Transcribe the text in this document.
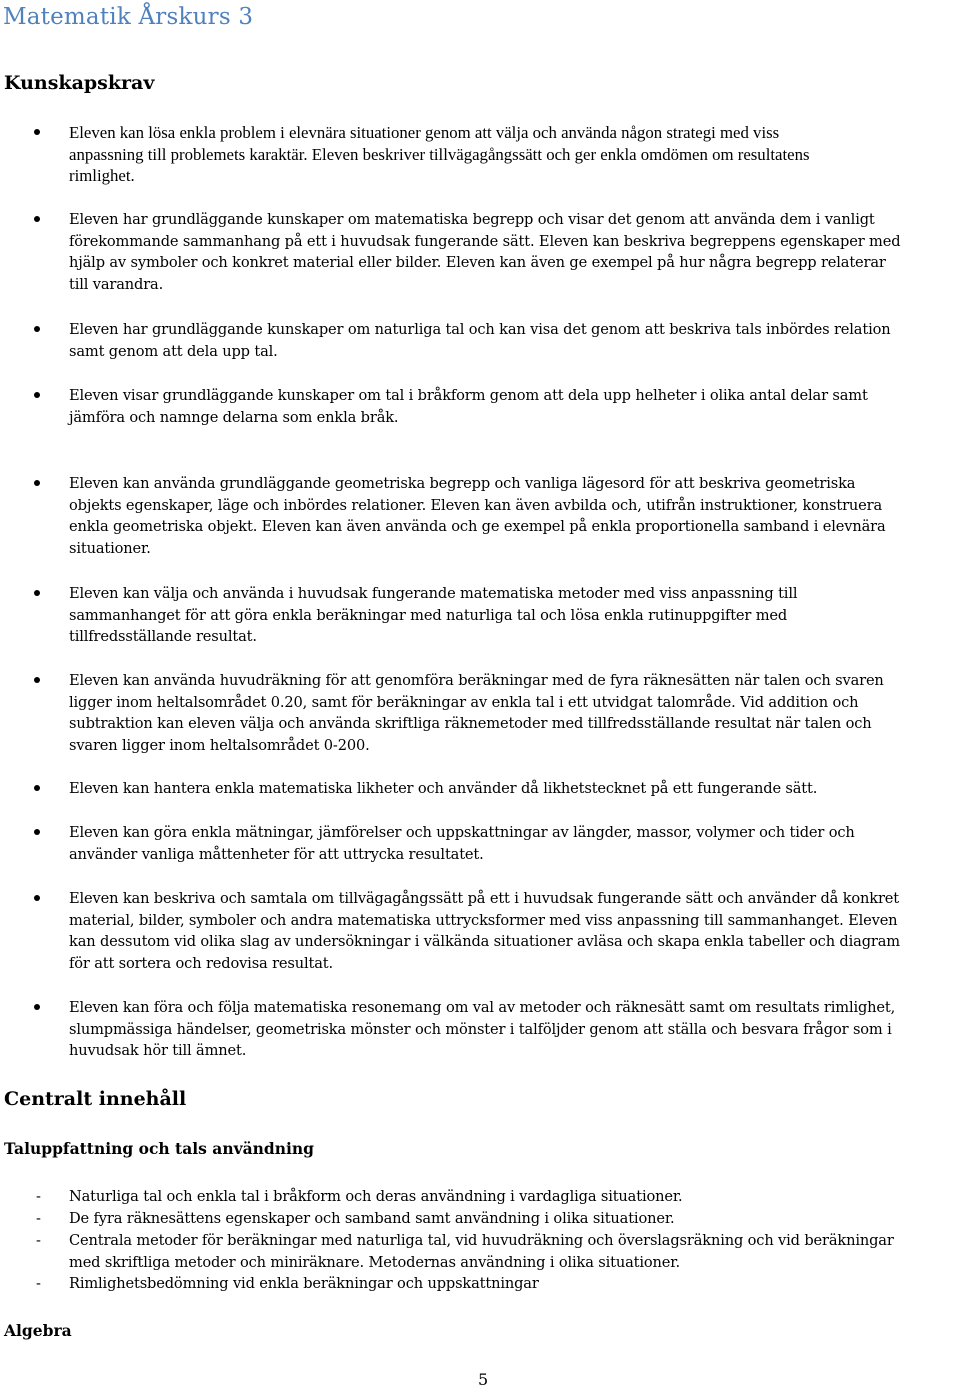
Matematik Årskurs 3
Kunskapskrav
Eleven kan lösa enkla problem i elevnära situationer genom att välja och använda någon strategi med viss
anpassning till problemets karaktär. Eleven beskriver tillvägagångssätt och ger enkla omdömen om resultatens
rimlighet.
Eleven har grundläggande kunskaper om matematiska begrepp och visar det genom att använda dem i vanligt
förekommande sammanhang på ett i huvudsak fungerande sätt. Eleven kan beskriva begreppens egenskaper med
hjälp av symboler och konkret material eller bilder. Eleven kan även ge exempel på hur några begrepp relaterar
till varandra.
Eleven har grundläggande kunskaper om naturliga tal och kan visa det genom att beskriva tals inbördes relation
samt genom att dela upp tal.
Eleven visar grundläggande kunskaper om tal i bråkform genom att dela upp helheter i olika antal delar samt
jämföra och namnge delarna som enkla bråk.
Eleven kan använda grundläggande geometriska begrepp och vanliga lägesord för att beskriva geometriska
objekts egenskaper, läge och inbördes relationer. Eleven kan även avbilda och, utifrån instruktioner, konstruera
enkla geometriska objekt. Eleven kan även använda och ge exempel på enkla proportionella samband i elevnära
situationer.
Eleven kan välja och använda i huvudsak fungerande matematiska metoder med viss anpassning till
sammanhanget för att göra enkla beräkningar med naturliga tal och lösa enkla rutinuppgifter med
tillfredsställande resultat.
Eleven kan använda huvudräkning för att genomföra beräkningar med de fyra räknesätten när talen och svaren
ligger inom heltalsområdet 0.20, samt för beräkningar av enkla tal i ett utvidgat talområde. Vid addition och
subtraktion kan eleven välja och använda skriftliga räknemetoder med tillfredsställande resultat när talen och
svaren ligger inom heltalsområdet 0-200.
Eleven kan hantera enkla matematiska likheter och använder då likhetstecknet på ett fungerande sätt.
Eleven kan göra enkla mätningar, jämförelser och uppskattningar av längder, massor, volymer och tider och
använder vanliga måttenheter för att uttrycka resultatet.
Eleven kan beskriva och samtala om tillvägagångssätt på ett i huvudsak fungerande sätt och använder då konkret
material, bilder, symboler och andra matematiska uttrycksformer med viss anpassning till sammanhanget. Eleven
kan dessutom vid olika slag av undersökningar i välkända situationer avläsa och skapa enkla tabeller och diagram
för att sortera och redovisa resultat.
Eleven kan föra och följa matematiska resonemang om val av metoder och räknesätt samt om resultats rimlighet,
slumpmässiga händelser, geometriska mönster och mönster i talföljder genom att ställa och besvara frågor som i
huvudsak hör till ämnet.
Centralt innehåll
Taluppfattning och tals användning
- Naturliga tal och enkla tal i bråkform och deras användning i vardagliga situationer.
- De fyra räknesättens egenskaper och samband samt användning i olika situationer.
- Centrala metoder för beräkningar med naturliga tal, vid huvudräkning och överslagsräkning och vid beräkningar
med skriftliga metoder och miniräknare. Metodernas användning i olika situationer.
- Rimlighetsbedömning vid enkla beräkningar och uppskattningar
Algebra
5
